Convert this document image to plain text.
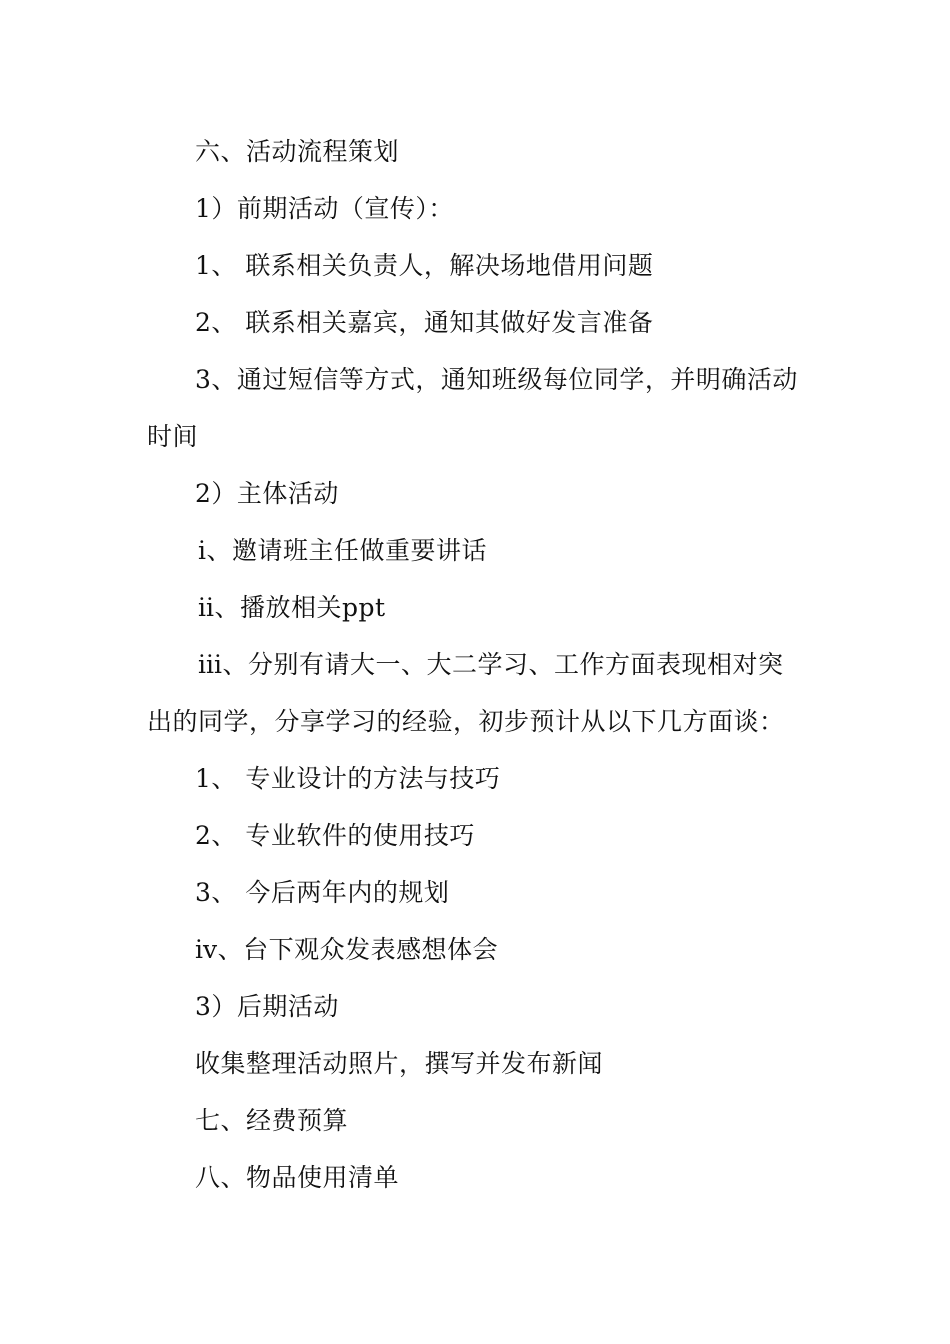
六、活动流程策划
1）前期活动（宣传）：
1、 联系相关负责人，解决场地借用问题
2、 联系相关嘉宾，通知其做好发言准备
3、通过短信等方式，通知班级每位同学，并明确活动
时间
2）主体活动
ⅰ、邀请班主任做重要讲话
ⅱ、播放相关ppt
ⅲ、分别有请大一、大二学习、工作方面表现相对突
出的同学，分享学习的经验，初步预计从以下几方面谈：
1、 专业设计的方法与技巧
2、 专业软件的使用技巧
3、 今后两年内的规划
ⅳ、台下观众发表感想体会
3）后期活动
收集整理活动照片，撰写并发布新闻
七、经费预算
八、物品使用清单
